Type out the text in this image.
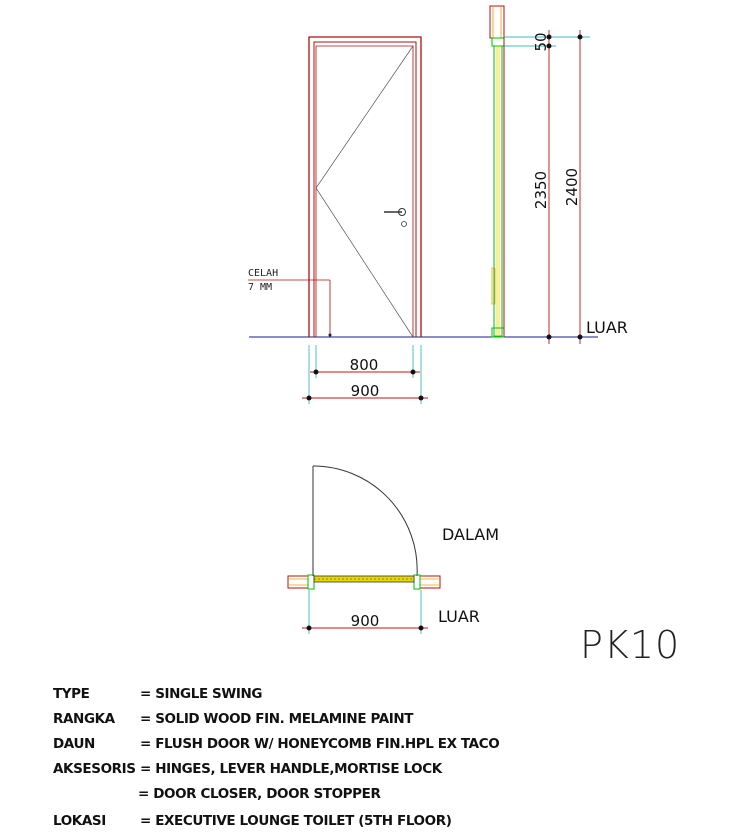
CELAH
7 MM
800
900
50
2350 2400
LUAR
900
DALAM
LUAR
PK10
TYPE	= SINGLE SWING
RANGKA = SOLID WOOD FIN. MELAMINE PAINT
DAUN	= FLUSH DOOR W/ HONEYCOMB FIN.HPL EX TACO
AKSESORIS = HINGES, LEVER HANDLE,MORTISE LOCK
= DOOR CLOSER, DOOR STOPPER
LOKASI	= EXECUTIVE LOUNGE TOILET (5TH FLOOR)
